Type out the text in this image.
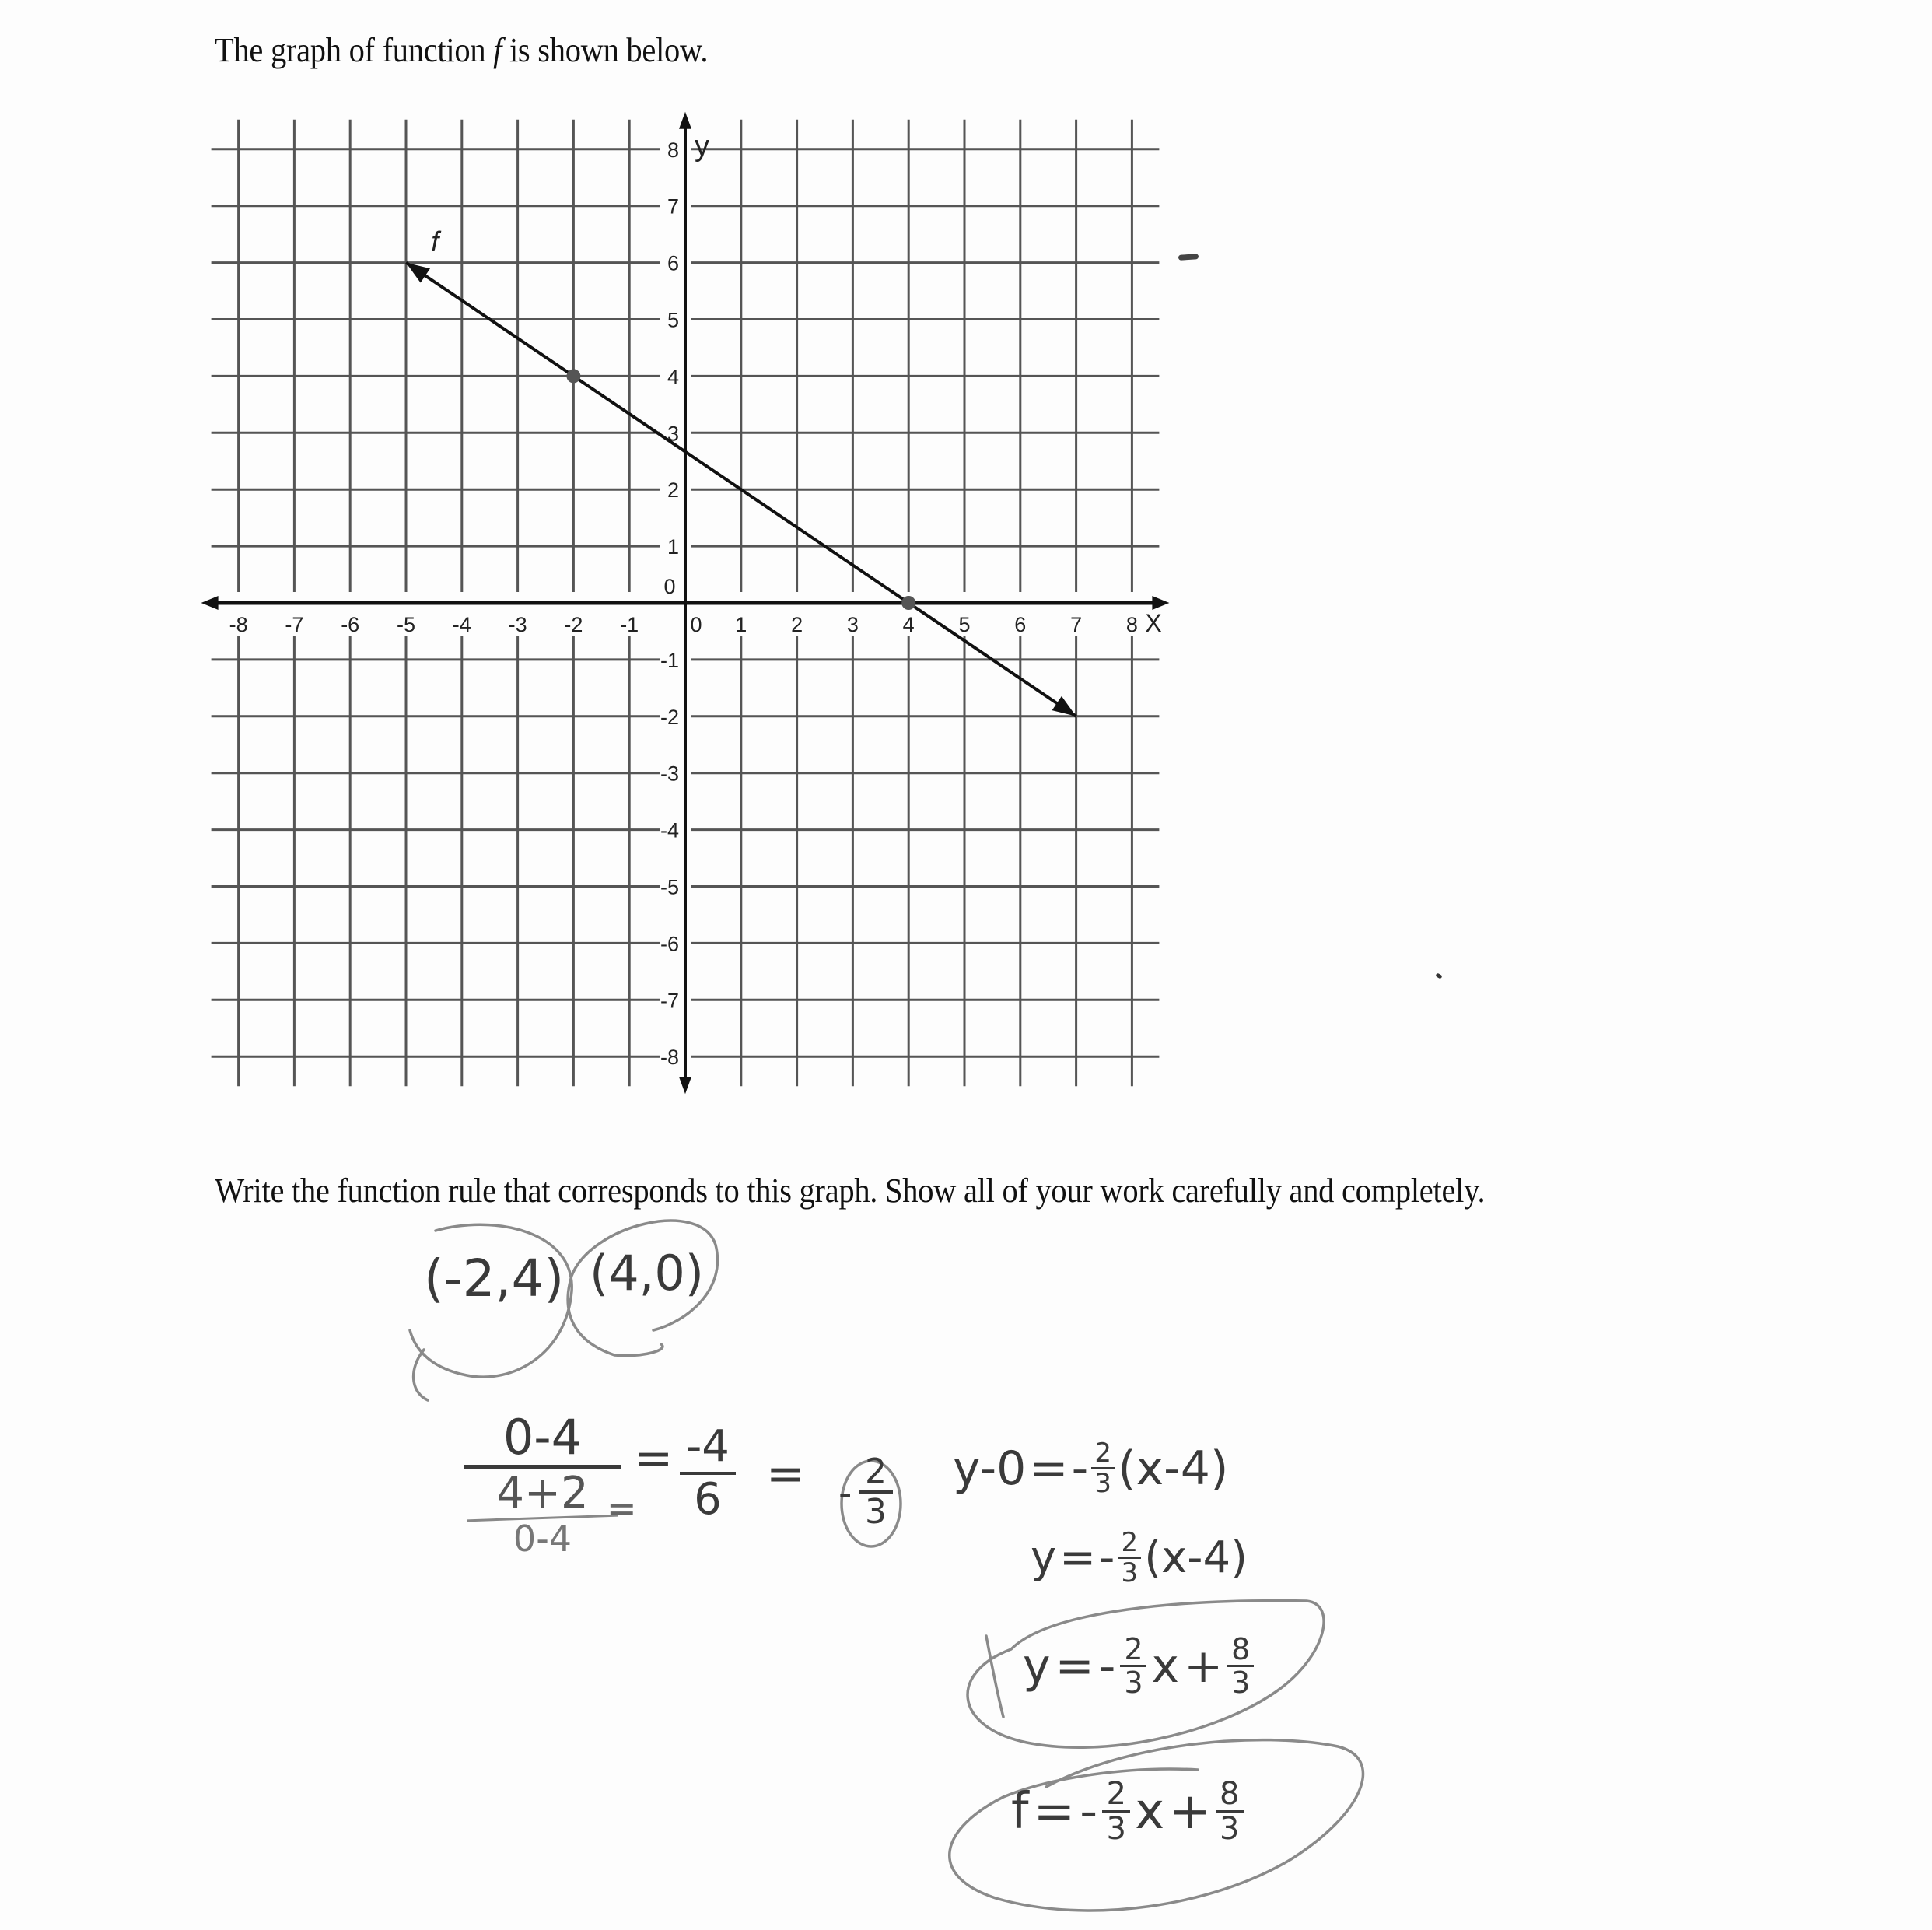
The graph of function f is shown below.
-8 -7 -6 -5 -4 -3 -2 -1 0 1 2 3 4 5 6 7 8
-8
-7
-6
-5
-4
-3
-2
-1
0
1
2
3
4
5
6
7
8
X
y
f
Write the function rule that corresponds to this graph. Show all of your work carefully and completely.
(-2,4) (4,0)
0-4
4+2
0-4
=
=
-4
6 = -
2
3
y-0 = - 2
3 (x-4)
y = - 2
3 (x-4)
y = - 2
3 x + 8
3
f = - 2
3 x + 8
3
